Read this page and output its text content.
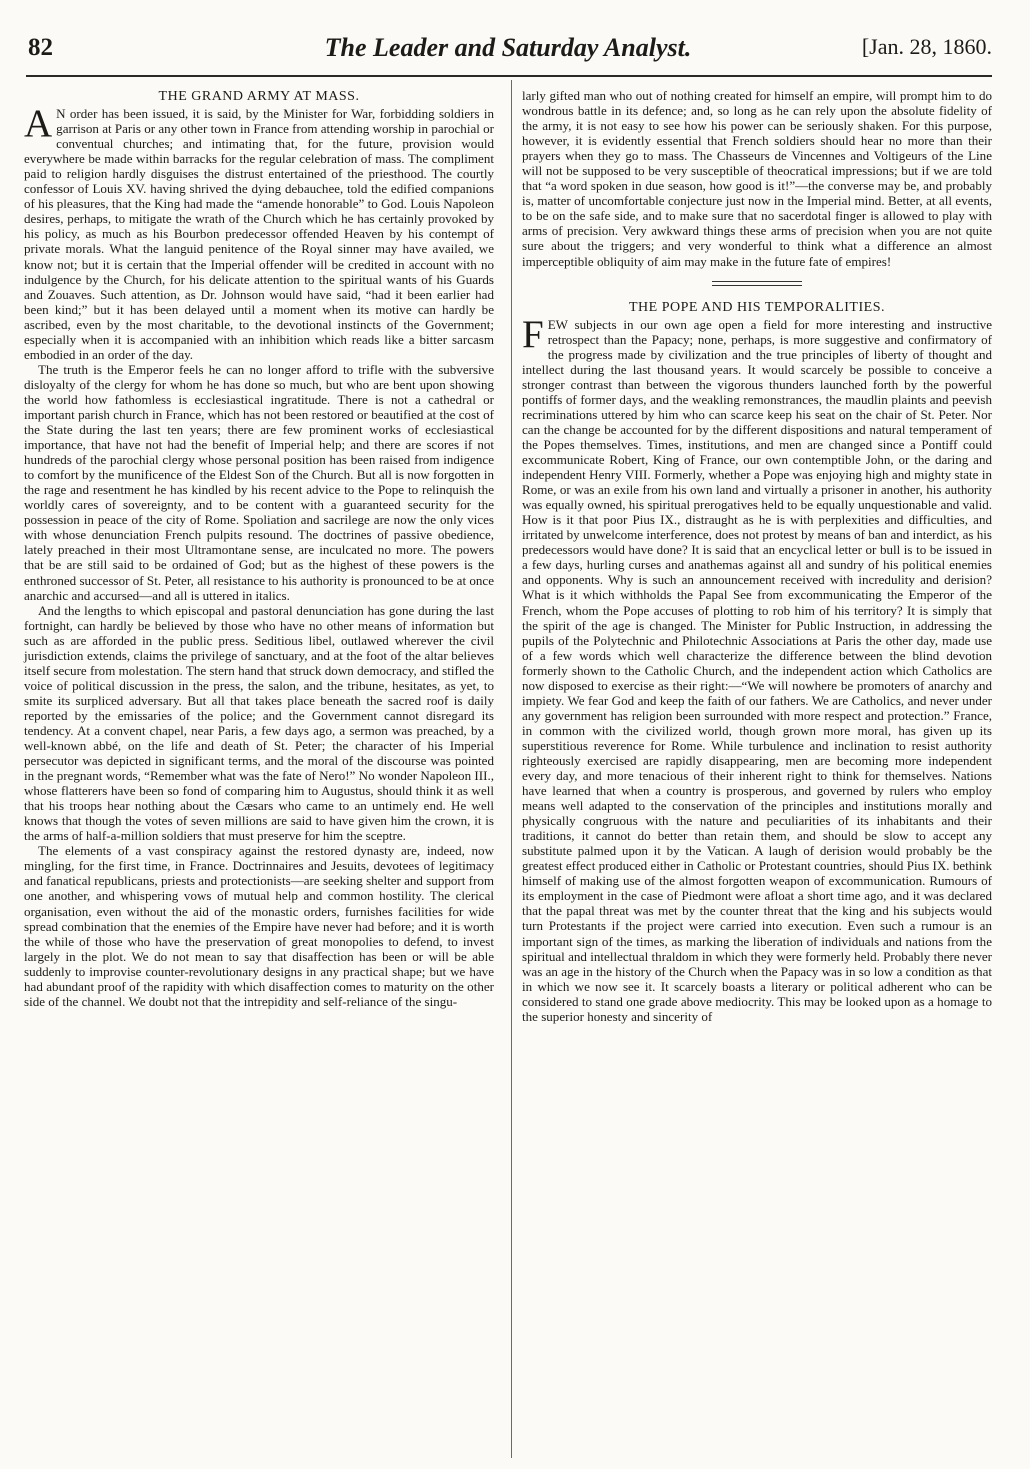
82	The Leader and Saturday Analyst.	[Jan. 28, 1860.
THE GRAND ARMY AT MASS.

A N order has been issued, it is said, by the Minister for War, forbidding soldiers in garrison at Paris or any other town in France from attending worship in parochial or conventual churches; and intimating that, for the future, provision would everywhere be made within barracks for the regular celebration of mass. The compliment paid to religion hardly disguises the distrust entertained of the priesthood. The courtly confessor of Louis XV. having shrived the dying debauchee, told the edified companions of his pleasures, that the King had made the “amende honorable” to God. Louis Napoleon desires, perhaps, to mitigate the wrath of the Church which he has certainly provoked by his policy, as much as his Bourbon predecessor offended Heaven by his contempt of private morals. What the languid penitence of the Royal sinner may have availed, we know not; but it is certain that the Imperial offender will be credited in account with no indulgence by the Church, for his delicate attention to the spiritual wants of his Guards and Zouaves. Such attention, as Dr. Johnson would have said, “had it been earlier had been kind;” but it has been delayed until a moment when its motive can hardly be ascribed, even by the most charitable, to the devotional instincts of the Government; especially when it is accompanied with an inhibition which reads like a bitter sarcasm embodied in an order of the day.

The truth is the Emperor feels he can no longer afford to trifle with the subversive disloyalty of the clergy for whom he has done so much, but who are bent upon showing the world how fathomless is ecclesiastical ingratitude. There is not a cathedral or important parish church in France, which has not been restored or beautified at the cost of the State during the last ten years; there are few prominent works of ecclesiastical importance, that have not had the benefit of Imperial help; and there are scores if not hundreds of the parochial clergy whose personal position has been raised from indigence to comfort by the munificence of the Eldest Son of the Church. But all is now forgotten in the rage and resentment he has kindled by his recent advice to the Pope to relinquish the worldly cares of sovereignty, and to be content with a guaranteed security for the possession in peace of the city of Rome. Spoliation and sacrilege are now the only vices with whose denunciation French pulpits resound. The doctrines of passive obedience, lately preached in their most Ultramontane sense, are inculcated no more. The powers that be are still said to be ordained of God; but as the highest of these powers is the enthroned successor of St. Peter, all resistance to his authority is pronounced to be at once anarchic and accursed—and all is uttered in italics.

And the lengths to which episcopal and pastoral denunciation has gone during the last fortnight, can hardly be believed by those who have no other means of information but such as are afforded in the public press. Seditious libel, outlawed wherever the civil jurisdiction extends, claims the privilege of sanctuary, and at the foot of the altar believes itself secure from molestation. The stern hand that struck down democracy, and stifled the voice of political discussion in the press, the salon, and the tribune, hesitates, as yet, to smite its surpliced adversary. But all that takes place beneath the sacred roof is daily reported by the emissaries of the police; and the Government cannot disregard its tendency. At a convent chapel, near Paris, a few days ago, a sermon was preached, by a well-known abbé, on the life and death of St. Peter; the character of his Imperial persecutor was depicted in significant terms, and the moral of the discourse was pointed in the pregnant words, “Remember what was the fate of Nero!” No wonder Napoleon III., whose flatterers have been so fond of comparing him to Augustus, should think it as well that his troops hear nothing about the Cæsars who came to an untimely end. He well knows that though the votes of seven millions are said to have given him the crown, it is the arms of half-a-million soldiers that must preserve for him the sceptre.

The elements of a vast conspiracy against the restored dynasty are, indeed, now mingling, for the first time, in France. Doctrinnaires and Jesuits, devotees of legitimacy and fanatical republicans, priests and protectionists—are seeking shelter and support from one another, and whispering vows of mutual help and common hostility. The clerical organisation, even without the aid of the monastic orders, furnishes facilities for wide spread combination that the enemies of the Empire have never had before; and it is worth the while of those who have the preservation of great monopolies to defend, to invest largely in the plot. We do not mean to say that disaffection has been or will be able suddenly to improvise counter-revolutionary designs in any practical shape; but we have had abundant proof of the rapidity with which disaffection comes to maturity on the other side of the channel. We doubt not that the intrepidity and self-reliance of the singu-

larly gifted man who out of nothing created for himself an empire, will prompt him to do wondrous battle in its defence; and, so long as he can rely upon the absolute fidelity of the army, it is not easy to see how his power can be seriously shaken. For this purpose, however, it is evidently essential that French soldiers should hear no more than their prayers when they go to mass. The Chasseurs de Vincennes and Voltigeurs of the Line will not be supposed to be very susceptible of theocratical impressions; but if we are told that “a word spoken in due season, how good is it!”—the converse may be, and probably is, matter of uncomfortable conjecture just now in the Imperial mind. Better, at all events, to be on the safe side, and to make sure that no sacerdotal finger is allowed to play with arms of precision. Very awkward things these arms of precision when you are not quite sure about the triggers; and very wonderful to think what a difference an almost imperceptible obliquity of aim may make in the future fate of empires!

THE POPE AND HIS TEMPORALITIES.

FEW subjects in our own age open a field for more interesting and instructive retrospect than the Papacy; none, perhaps, is more suggestive and confirmatory of the progress made by civilization and the true principles of liberty of thought and intellect during the last thousand years. It would scarcely be possible to conceive a stronger contrast than between the vigorous thunders launched forth by the powerful pontiffs of former days, and the weakling remonstrances, the maudlin plaints and peevish recriminations uttered by him who can scarce keep his seat on the chair of St. Peter. Nor can the change be accounted for by the different dispositions and natural temperament of the Popes themselves. Times, institutions, and men are changed since a Pontiff could excommunicate Robert, King of France, our own contemptible John, or the daring and independent Henry VIII. Formerly, whether a Pope was enjoying high and mighty state in Rome, or was an exile from his own land and virtually a prisoner in another, his authority was equally owned, his spiritual prerogatives held to be equally unquestionable and valid. How is it that poor Pius IX., distraught as he is with perplexities and difficulties, and irritated by unwelcome interference, does not protest by means of ban and interdict, as his predecessors would have done? It is said that an encyclical letter or bull is to be issued in a few days, hurling curses and anathemas against all and sundry of his political enemies and opponents. Why is such an announcement received with incredulity and derision? What is it which withholds the Papal See from excommunicating the Emperor of the French, whom the Pope accuses of plotting to rob him of his territory? It is simply that the spirit of the age is changed. The Minister for Public Instruction, in addressing the pupils of the Polytechnic and Philotechnic Associations at Paris the other day, made use of a few words which well characterize the difference between the blind devotion formerly shown to the Catholic Church, and the independent action which Catholics are now disposed to exercise as their right:—“We will nowhere be promoters of anarchy and impiety. We fear God and keep the faith of our fathers. We are Catholics, and never under any government has religion been surrounded with more respect and protection.” France, in common with the civilized world, though grown more moral, has given up its superstitious reverence for Rome. While turbulence and inclination to resist authority righteously exercised are rapidly disappearing, men are becoming more independent every day, and more tenacious of their inherent right to think for themselves. Nations have learned that when a country is prosperous, and governed by rulers who employ means well adapted to the conservation of the principles and institutions morally and physically congruous with the nature and peculiarities of its inhabitants and their traditions, it cannot do better than retain them, and should be slow to accept any substitute palmed upon it by the Vatican. A laugh of derision would probably be the greatest effect produced either in Catholic or Protestant countries, should Pius IX. bethink himself of making use of the almost forgotten weapon of excommunication. Rumours of its employment in the case of Piedmont were afloat a short time ago, and it was declared that the papal threat was met by the counter threat that the king and his subjects would turn Protestants if the project were carried into execution. Even such a rumour is an important sign of the times, as marking the liberation of individuals and nations from the spiritual and intellectual thraldom in which they were formerly held. Probably there never was an age in the history of the Church when the Papacy was in so low a condition as that in which we now see it. It scarcely boasts a literary or political adherent who can be considered to stand one grade above mediocrity. This may be looked upon as a homage to the superior honesty and sincerity of
